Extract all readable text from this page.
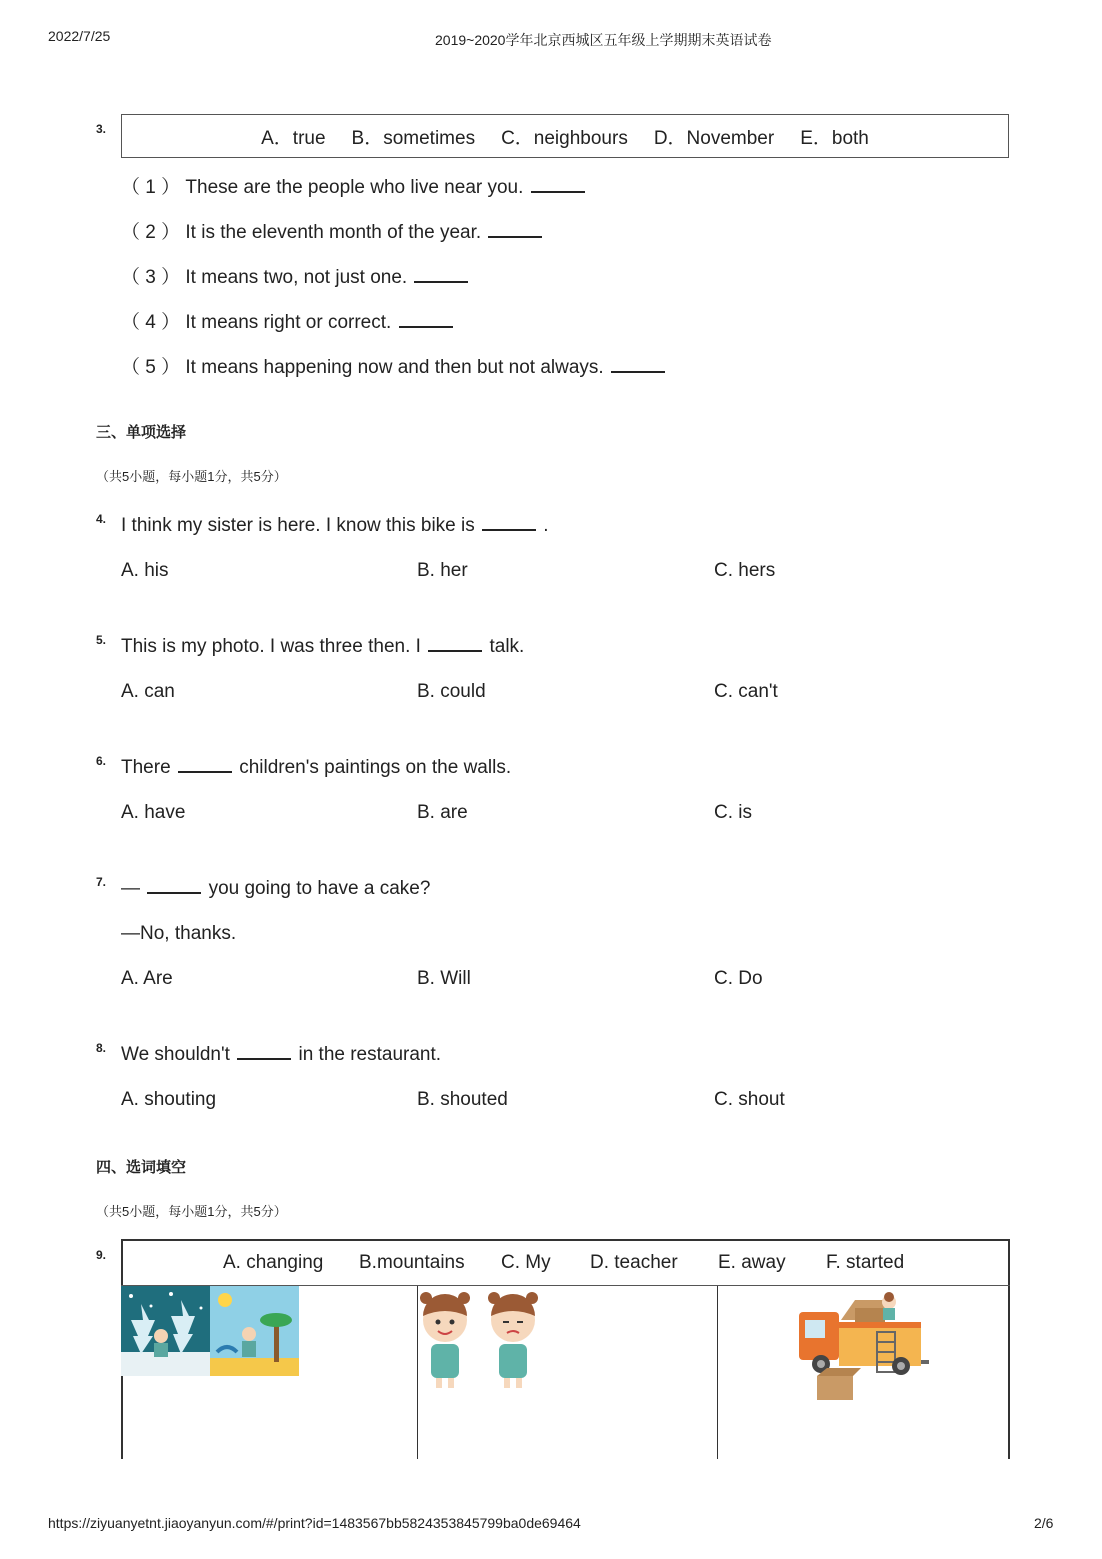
2022/7/25	2019~2020学年北京西城区五年级上学期期末英语试卷
3.	A．true B．sometimes C．neighbours D．November E．both
（ 1 ） These are the people who live near you.
（ 2 ） It is the eleventh month of the year.
（ 3 ） It means two, not just one.
（ 4 ） It means right or correct.
（ 5 ） It means happening now and then but not always.
三、单项选择
（共5小题，每小题1分，共5分）
4. I think my sister is here. I know this bike is	.
A. his	B. her	C. hers
5. This is my photo. I was three then. I	talk.
A. can	B. could	C. can't
6. There	children's paintings on the walls.
A. have	B. are	C. is
7. —	you going to have a cake?
—No, thanks.
A. Are	B. Will	C. Do
8. We shouldn't	in the restaurant.
A. shouting	B. shouted	C. shout
四、选词填空
（共5小题，每小题1分，共5分）
9.	A. changing B.mountains C. My D. teacher E. away F. started
https://ziyuanyetnt.jiaoyanyun.com/#/print?id=1483567bb5824353845799ba0de69464	2/6
